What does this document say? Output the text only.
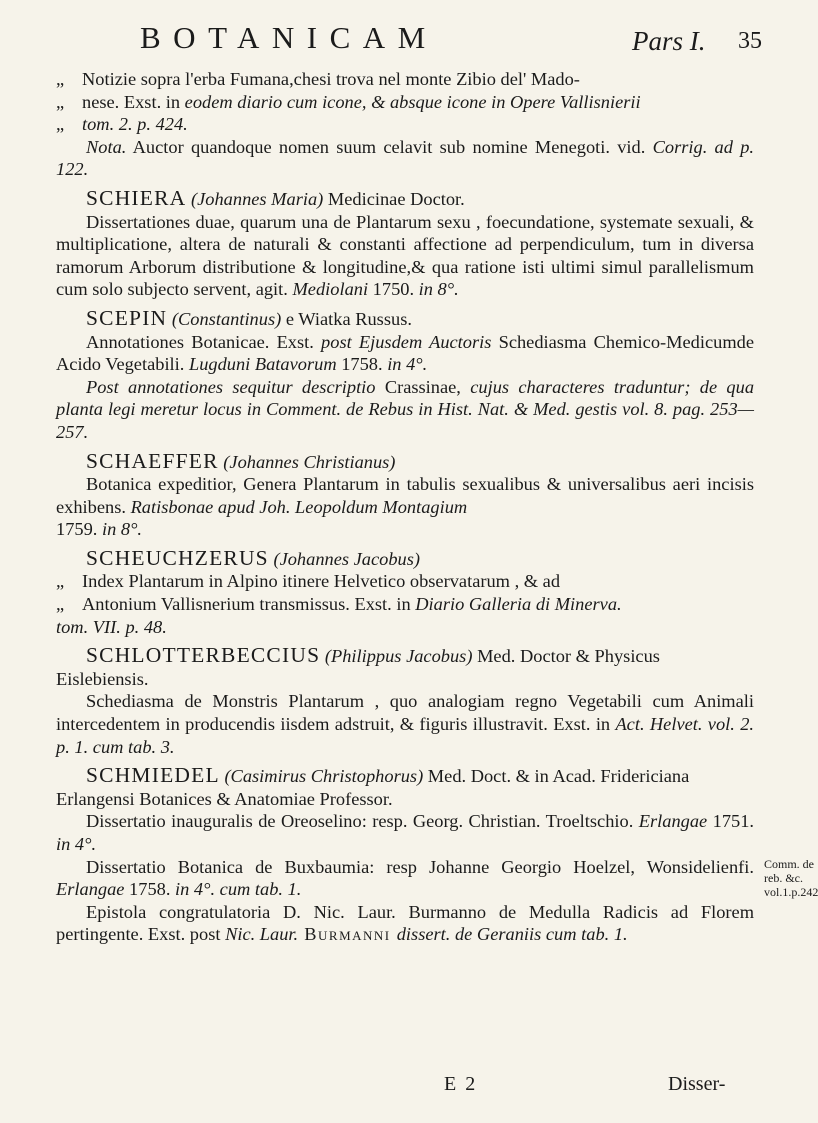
BOTANICAM	Pars I. 35
„ Notizie sopra l'erba Fumana,chesi trova nel monte Zibio del' Mado-
„ nese. Exst. in eodem diario cum icone, & absque icone in Opere Vallisnierii
„ tom. 2. p. 424.
Nota. Auctor quandoque nomen suum celavit sub nomine Menegoti. vid. Corrig. ad p. 122.
SCHIERA (Johannes Maria) Medicinae Doctor.
Dissertationes duae, quarum una de Plantarum sexu , foecundatione, systemate sexuali, & multiplicatione, altera de naturali & constanti affectione ad perpendiculum, tum in diversa ramorum Arborum distributione & longitudine,& qua ratione isti ultimi simul parallelismum cum solo subjecto servent, agit. Mediolani 1750. in 8°.
SCEPIN (Constantinus) e Wiatka Russus.
Annotationes Botanicae. Exst. post Ejusdem Auctoris Schediasma Chemico-Medicumde Acido Vegetabili. Lugduni Batavorum 1758. in 4°.
Post annotationes sequitur descriptio Crassinae, cujus characteres traduntur; de qua planta legi meretur locus in Comment. de Rebus in Hist. Nat. & Med. gestis vol. 8. pag. 253—257.
SCHAEFFER (Johannes Christianus)
Botanica expeditior, Genera Plantarum in tabulis sexualibus & universalibus aeri incisis exhibens. Ratisbonae apud Joh. Leopoldum Montagium
1759. in 8°.
SCHEUCHZERUS (Johannes Jacobus)
„ Index Plantarum in Alpino itinere Helvetico observatarum , & ad
„ Antonium Vallisnerium transmissus. Exst. in Diario Galleria di Minerva.
tom. VII. p. 48.
SCHLOTTERBECCIUS (Philippus Jacobus) Med. Doctor & Physicus Eislebiensis.
Schediasma de Monstris Plantarum , quo analogiam regno Vegetabili cum Animali intercedentem in producendis iisdem adstruit, & figuris illustravit. Exst. in Act. Helvet. vol. 2. p. 1. cum tab. 3.
SCHMIEDEL (Casimirus Christophorus) Med. Doct. & in Acad. Fridericiana Erlangensi Botanices & Anatomiae Professor.
Dissertatio inauguralis de Oreoselino: resp. Georg. Christian. Troeltschio. Erlangae 1751. in 4°.
Dissertatio Botanica de Buxbaumia: resp Johanne Georgio Hoelzel, Wonsidelienfi. Erlangae 1758. in 4°. cum tab. 1.
Epistola congratulatoria D. Nic. Laur. Burmanno de Medulla Radicis ad Florem pertingente. Exst. post Nic. Laur. Burmanni dissert. de Geraniis cum tab. 1.
Comm. de
reb. &c.
vol.1.p.242
E 2	Disser-
